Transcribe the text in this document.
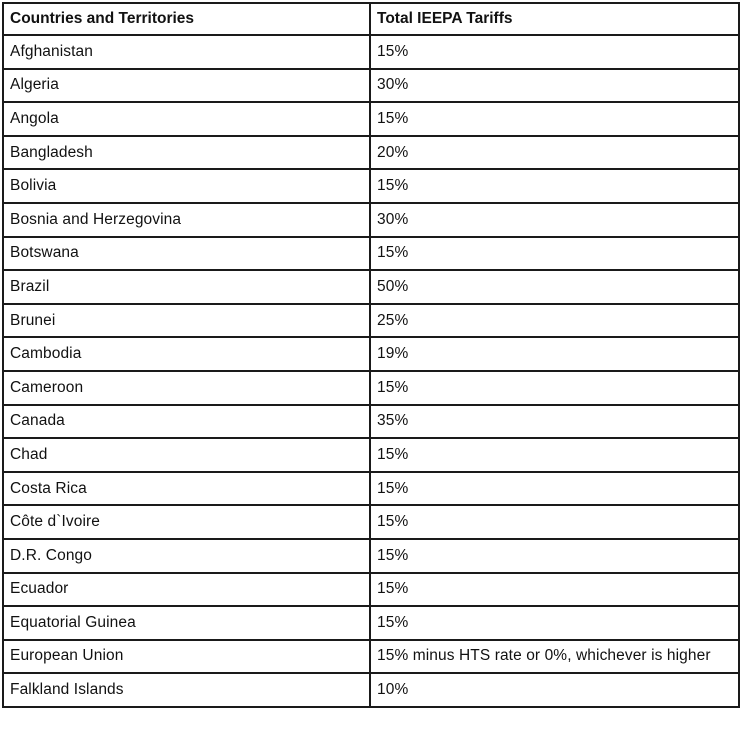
Countries and Territories	Total IEEPA Tariffs
Afghanistan	15%
Algeria	30%
Angola	15%
Bangladesh	20%
Bolivia	15%
Bosnia and Herzegovina	30%
Botswana	15%
Brazil	50%
Brunei	25%
Cambodia	19%
Cameroon	15%
Canada	35%
Chad	15%
Costa Rica	15%
Côte d`Ivoire	15%
D.R. Congo	15%
Ecuador	15%
Equatorial Guinea	15%
European Union	15% minus HTS rate or 0%, whichever is higher
Falkland Islands	10%
